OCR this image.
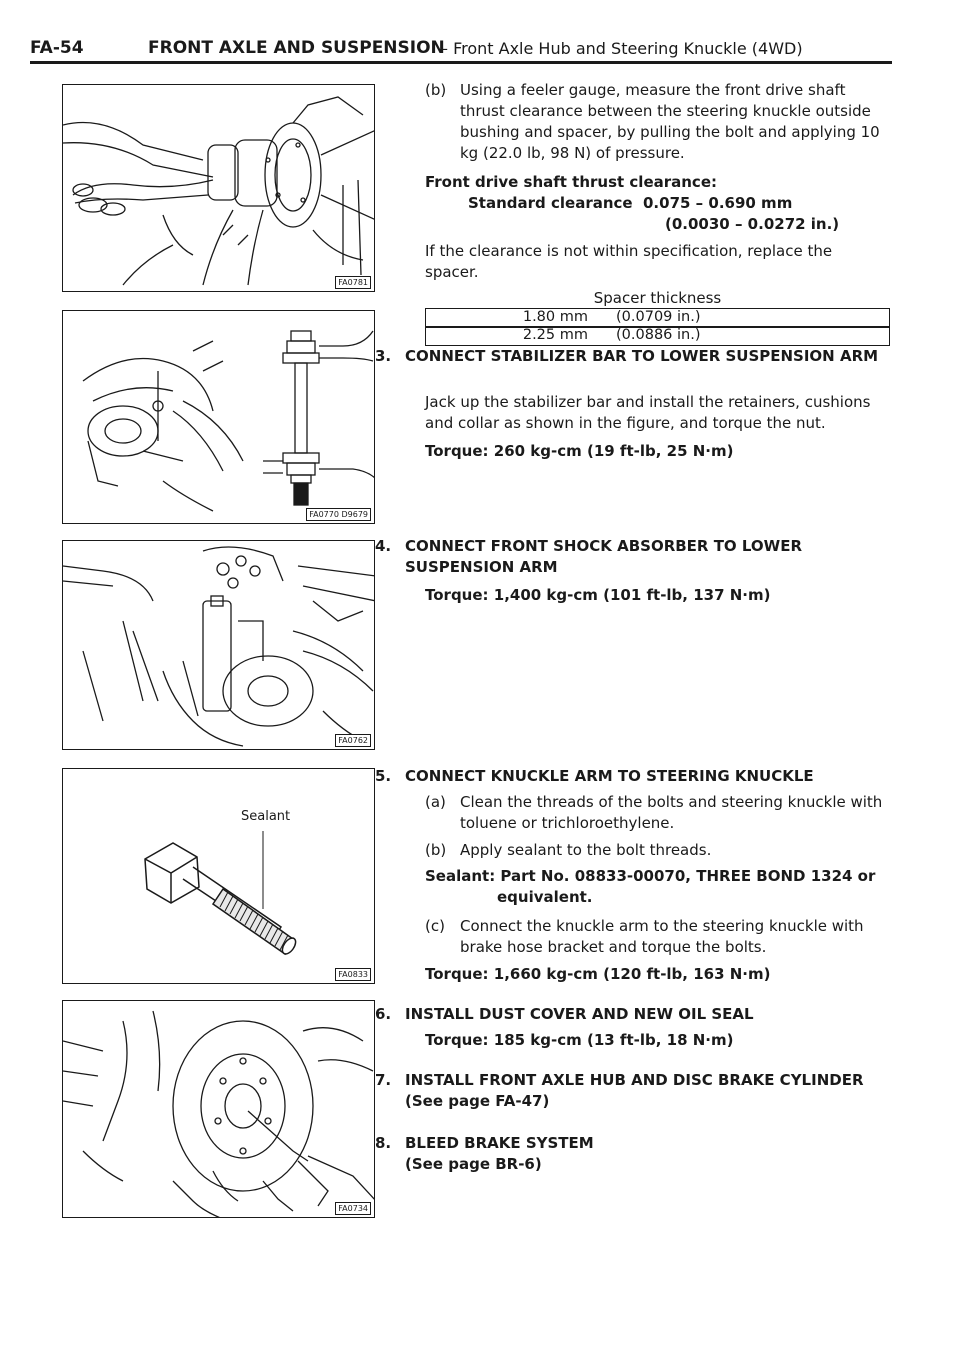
FA-54	FRONT AXLE AND SUSPENSION
– Front Axle Hub and Steering Knuckle (4WD)
FA0781
FA0770 D9679
FA0762
Sealant
FA0833
FA0734
(b) Using a feeler gauge, measure the front drive shaft thrust clearance between the steering knuckle outside bushing and spacer, by pulling the bolt and applying 10 kg (22.0 lb, 98 N) of pressure.
Front drive shaft thrust clearance:
Standard clearance 0.075 – 0.690 mm
(0.0030 – 0.0272 in.)
If the clearance is not within specification, replace the spacer.
Spacer thickness
1.80 mm	(0.0709 in.)
2.25 mm	(0.0886 in.)
3. CONNECT STABILIZER BAR TO LOWER SUSPENSION ARM
Jack up the stabilizer bar and install the retainers, cushions and collar as shown in the figure, and torque the nut.
Torque: 260 kg-cm (19 ft-lb, 25 N·m)
4. CONNECT FRONT SHOCK ABSORBER TO LOWER SUSPENSION ARM
Torque: 1,400 kg-cm (101 ft-lb, 137 N·m)
5. CONNECT KNUCKLE ARM TO STEERING KNUCKLE
(a) Clean the threads of the bolts and steering knuckle with toluene or trichloroethylene.
(b) Apply sealant to the bolt threads.
Sealant: Part No. 08833-00070, THREE BOND 1324 or
equivalent.
(c) Connect the knuckle arm to the steering knuckle with brake hose bracket and torque the bolts.
Torque: 1,660 kg-cm (120 ft-lb, 163 N·m)
6. INSTALL DUST COVER AND NEW OIL SEAL
Torque: 185 kg-cm (13 ft-lb, 18 N·m)
7. INSTALL FRONT AXLE HUB AND DISC BRAKE CYLINDER
(See page FA-47)
8. BLEED BRAKE SYSTEM
(See page BR-6)
